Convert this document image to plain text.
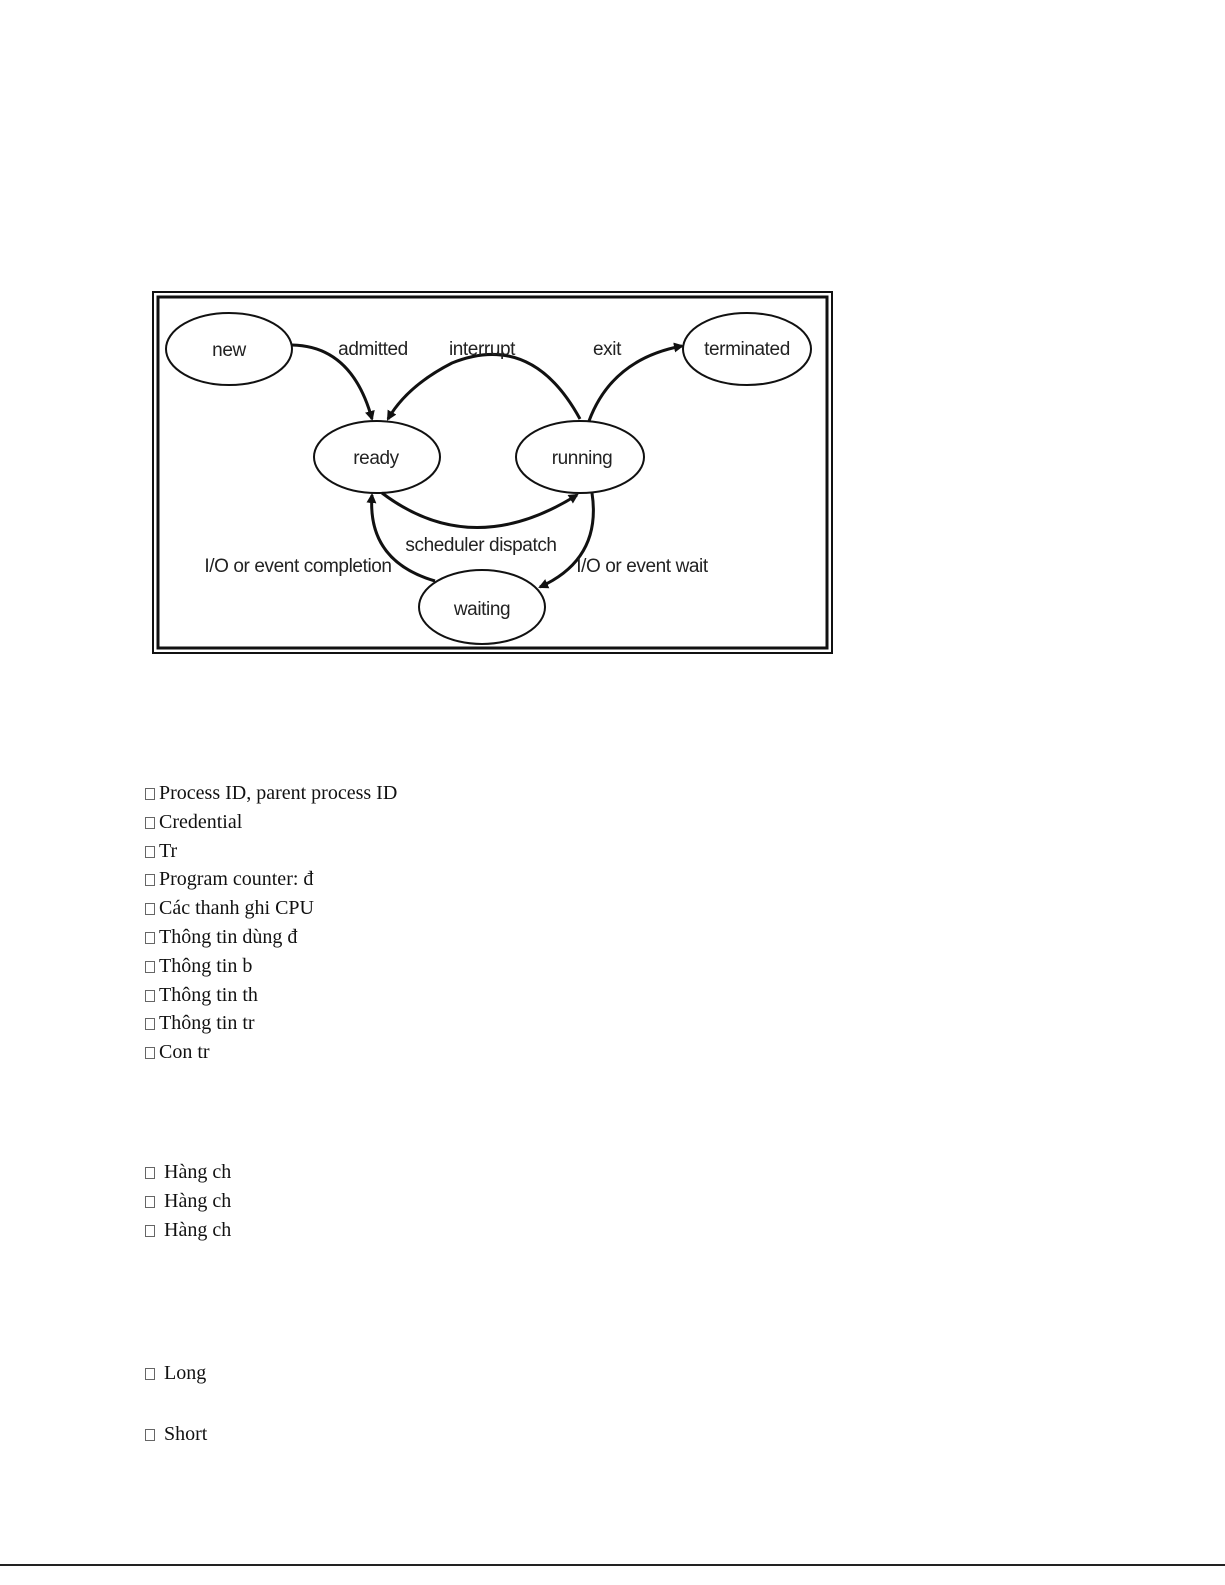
new	terminated
ready	running
waiting
admitted interrupt	exit
scheduler dispatch
I/O or event completion	I/O or event wait
Process ID, parent process ID
Credential
Tr
Program counter: đ
Các thanh ghi CPU
Thông tin dùng đ
Thông tin b
Thông tin th
Thông tin tr
Con tr
Hàng ch
Hàng ch
Hàng ch
Long
Short
